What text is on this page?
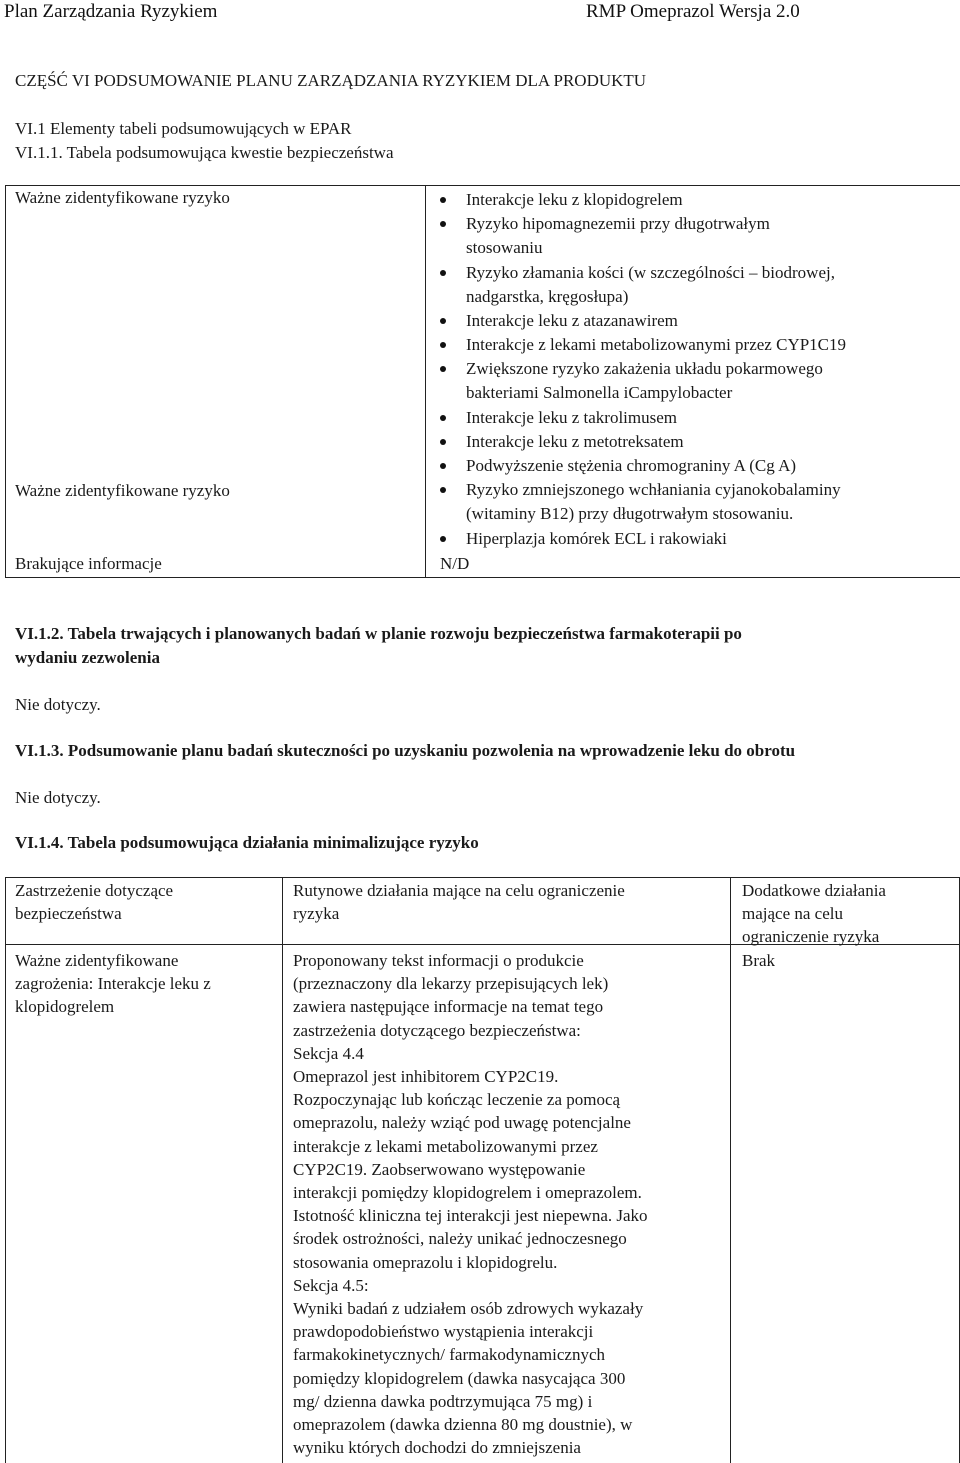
Plan Zarządzania Ryzykiem	RMP Omeprazol Wersja 2.0
CZĘŚĆ VI PODSUMOWANIE PLANU ZARZĄDZANIA RYZYKIEM DLA PRODUKTU
VI.1 Elementy tabeli podsumowujących w EPAR
VI.1.1. Tabela podsumowująca kwestie bezpieczeństwa
Ważne zidentyfikowane ryzyko
Ważne zidentyfikowane ryzyko
Brakujące informacje	N/D
Interakcje leku z klopidogrelem
Ryzyko hipomagnezemii przy długotrwałym
stosowaniu
Ryzyko złamania kości (w szczególności – biodrowej,
nadgarstka, kręgosłupa)
Interakcje leku z atazanawirem
Interakcje z lekami metabolizowanymi przez CYP1C19
Zwiększone ryzyko zakażenia układu pokarmowego
bakteriami Salmonella iCampylobacter
Interakcje leku z takrolimusem
Interakcje leku z metotreksatem
Podwyższenie stężenia chromograniny A (Cg A)
Ryzyko zmniejszonego wchłaniania cyjanokobalaminy
(witaminy B12) przy długotrwałym stosowaniu.
Hiperplazja komórek ECL i rakowiaki
VI.1.2. Tabela trwających i planowanych badań w planie rozwoju bezpieczeństwa farmakoterapii po
wydaniu zezwolenia
Nie dotyczy.
VI.1.3. Podsumowanie planu badań skuteczności po uzyskaniu pozwolenia na wprowadzenie leku do obrotu
Nie dotyczy.
VI.1.4. Tabela podsumowująca działania minimalizujące ryzyko
Zastrzeżenie dotyczące
bezpieczeństwa
Rutynowe działania mające na celu ograniczenie
ryzyka
Dodatkowe działania
mające na celu
ograniczenie ryzyka
Ważne zidentyfikowane
zagrożenia: Interakcje leku z
klopidogrelem
Proponowany tekst informacji o produkcie
(przeznaczony dla lekarzy przepisujących lek)
zawiera następujące informacje na temat tego
zastrzeżenia dotyczącego bezpieczeństwa:
Sekcja 4.4
Omeprazol jest inhibitorem CYP2C19.
Rozpoczynając lub kończąc leczenie za pomocą
omeprazolu, należy wziąć pod uwagę potencjalne
interakcje z lekami metabolizowanymi przez
CYP2C19. Zaobserwowano występowanie
interakcji pomiędzy klopidogrelem i omeprazolem.
Istotność kliniczna tej interakcji jest niepewna. Jako
środek ostrożności, należy unikać jednoczesnego
stosowania omeprazolu i klopidogrelu.
Sekcja 4.5:
Wyniki badań z udziałem osób zdrowych wykazały
prawdopodobieństwo wystąpienia interakcji
farmakokinetycznych/ farmakodynamicznych
pomiędzy klopidogrelem (dawka nasycająca 300
mg/ dzienna dawka podtrzymująca 75 mg) i
omeprazolem (dawka dzienna 80 mg doustnie), w
wyniku których dochodzi do zmniejszenia
Brak
